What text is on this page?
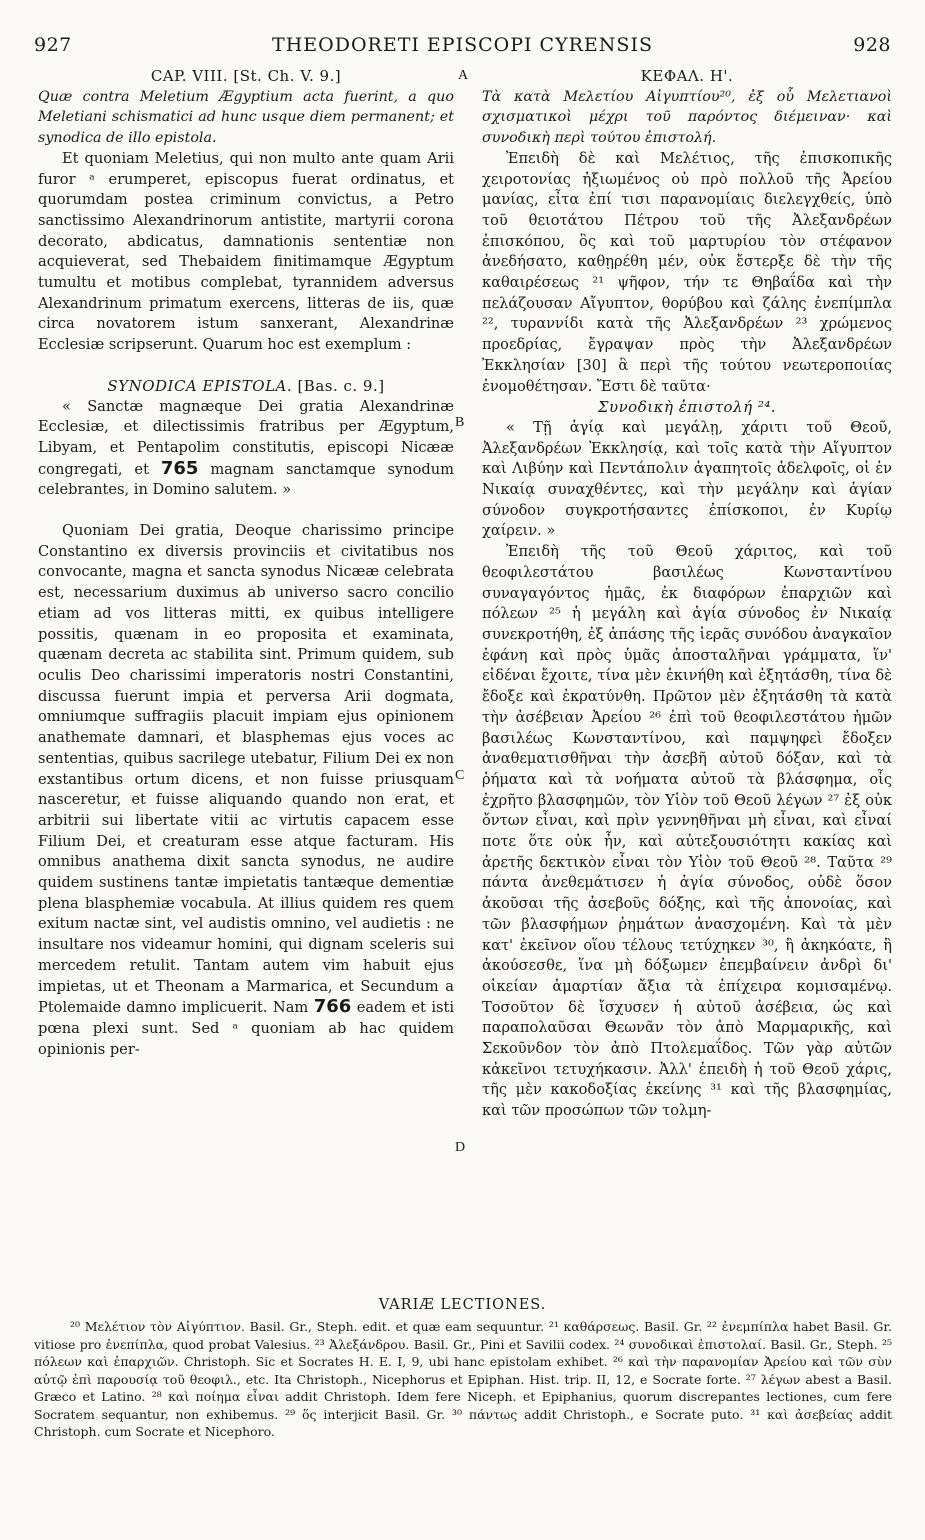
927	THEODORETI EPISCOPI CYRENSIS	928
A
B
C
D

CAP. VIII. [St. Ch. V. 9.]

Quæ contra Meletium Ægyptium acta fuerint, a quo Meletiani schismatici ad hunc usque diem permanent; et synodica de illo epistola.

Et quoniam Meletius, qui non multo ante quam Arii furor ᵃ erumperet, episcopus fuerat ordinatus, et quorumdam postea criminum convictus, a Petro sanctissimo Alexandrinorum antistite, martyrii corona decorato, abdicatus, damnationis sententiæ non acquieverat, sed Thebaidem finitimamque Ægyptum tumultu et motibus complebat, tyrannidem adversus Alexandrinum primatum exercens, litteras de iis, quæ circa novatorem istum sanxerant, Alexandrinæ Ecclesiæ scripserunt. Quarum hoc est exemplum :

SYNODICA EPISTOLA. [Bas. c. 9.]

« Sanctæ magnæque Dei gratia Alexandrinæ Ecclesiæ, et dilectissimis fratribus per Ægyptum, Libyam, et Pentapolim constitutis, episcopi Nicææ congregati, et 765 magnam sanctamque synodum celebrantes, in Domino salutem. »

Quoniam Dei gratia, Deoque charissimo principe Constantino ex diversis provinciis et civitatibus nos convocante, magna et sancta synodus Nicææ celebrata est, necessarium duximus ab universo sacro concilio etiam ad vos litteras mitti, ex quibus intelligere possitis, quænam in eo proposita et examinata, quænam decreta ac stabilita sint. Primum quidem, sub oculis Deo charissimi imperatoris nostri Constantini, discussa fuerunt impia et perversa Arii dogmata, omniumque suffragiis placuit impiam ejus opinionem anathemate damnari, et blasphemas ejus voces ac sententias, quibus sacrilege utebatur, Filium Dei ex non exstantibus ortum dicens, et non fuisse priusquam nasceretur, et fuisse aliquando quando non erat, et arbitrii sui libertate vitii ac virtutis capacem esse Filium Dei, et creaturam esse atque facturam. His omnibus anathema dixit sancta synodus, ne audire quidem sustinens tantæ impietatis tantæque dementiæ plena blasphemiæ vocabula. At illius quidem res quem exitum nactæ sint, vel audistis omnino, vel audietis : ne insultare nos videamur homini, qui dignam sceleris sui mercedem retulit. Tantam autem vim habuit ejus impietas, ut et Theonam a Marmarica, et Secundum a Ptolemaide damno implicuerit. Nam 766 eadem et isti pœna plexi sunt. Sed ᵃ quoniam ab hac quidem opinionis per-

ΚΕΦΑΛ. Η'.

Τὰ κατὰ Μελετίου Αἰγυπτίου²⁰, ἐξ οὗ Μελετιανοὶ σχισματικοὶ μέχρι τοῦ παρόντος διέμειναν· καὶ συνοδικὴ περὶ τούτου ἐπιστολή.

Ἐπειδὴ δὲ καὶ Μελέτιος, τῆς ἐπισκοπικῆς χειροτονίας ἠξιωμένος οὐ πρὸ πολλοῦ τῆς Ἀρείου μανίας, εἶτα ἐπί τισι παρανομίαις διελεγχθείς, ὑπὸ τοῦ θειοτάτου Πέτρου τοῦ τῆς Ἀλεξανδρέων ἐπισκόπου, ὃς καὶ τοῦ μαρτυρίου τὸν στέφανον ἀνεδήσατο, καθῃρέθη μέν, οὐκ ἔστερξε δὲ τὴν τῆς καθαιρέσεως ²¹ ψῆφον, τήν τε Θηβαΐδα καὶ τὴν πελάζουσαν Αἴγυπτον, θορύβου καὶ ζάλης ἐνεπίμπλα ²², τυραννίδι κατὰ τῆς Ἀλεξανδρέων ²³ χρώμενος προεδρίας, ἔγραψαν πρὸς τὴν Ἀλεξανδρέων Ἐκκλησίαν [30] ἃ περὶ τῆς τούτου νεωτεροποιίας ἐνομοθέτησαν. Ἔστι δὲ ταῦτα·

Συνοδικὴ ἐπιστολή ²⁴.

« Τῇ ἁγίᾳ καὶ μεγάλῃ, χάριτι τοῦ Θεοῦ, Ἀλεξανδρέων Ἐκκλησίᾳ, καὶ τοῖς κατὰ τὴν Αἴγυπτον καὶ Λιβύην καὶ Πεντάπολιν ἀγαπητοῖς ἀδελφοῖς, οἱ ἐν Νικαίᾳ συναχθέντες, καὶ τὴν μεγάλην καὶ ἁγίαν σύνοδον συγκροτήσαντες ἐπίσκοποι, ἐν Κυρίῳ χαίρειν. »

Ἐπειδὴ τῆς τοῦ Θεοῦ χάριτος, καὶ τοῦ θεοφιλεστάτου βασιλέως Κωνσταντίνου συναγαγόντος ἡμᾶς, ἐκ διαφόρων ἐπαρχιῶν καὶ πόλεων ²⁵ ἡ μεγάλη καὶ ἁγία σύνοδος ἐν Νικαίᾳ συνεκροτήθη, ἐξ ἁπάσης τῆς ἱερᾶς συνόδου ἀναγκαῖον ἐφάνη καὶ πρὸς ὑμᾶς ἀποσταλῆναι γράμματα, ἵν' εἰδέναι ἔχοιτε, τίνα μὲν ἐκινήθη καὶ ἐξητάσθη, τίνα δὲ ἔδοξε καὶ ἐκρατύνθη. Πρῶτον μὲν ἐξητάσθη τὰ κατὰ τὴν ἀσέβειαν Ἀρείου ²⁶ ἐπὶ τοῦ θεοφιλεστάτου ἡμῶν βασιλέως Κωνσταντίνου, καὶ παμψηφεὶ ἔδοξεν ἀναθεματισθῆναι τὴν ἀσεβῆ αὐτοῦ δόξαν, καὶ τὰ ῥήματα καὶ τὰ νοήματα αὐτοῦ τὰ βλάσφημα, οἷς ἐχρῆτο βλασφημῶν, τὸν Υἱὸν τοῦ Θεοῦ λέγων ²⁷ ἐξ οὐκ ὄντων εἶναι, καὶ πρὶν γεννηθῆναι μὴ εἶναι, καὶ εἶναί ποτε ὅτε οὐκ ἦν, καὶ αὐτεξουσιότητι κακίας καὶ ἀρετῆς δεκτικὸν εἶναι τὸν Υἱὸν τοῦ Θεοῦ ²⁸. Ταῦτα ²⁹ πάντα ἀνεθεμάτισεν ἡ ἁγία σύνοδος, οὐδὲ ὅσον ἀκοῦσαι τῆς ἀσεβοῦς δόξης, καὶ τῆς ἀπονοίας, καὶ τῶν βλασφήμων ῥημάτων ἀνασχομένη. Καὶ τὰ μὲν κατ' ἐκεῖνον οἵου τέλους τετύχηκεν ³⁰, ἢ ἀκηκόατε, ἢ ἀκούσεσθε, ἵνα μὴ δόξωμεν ἐπεμβαίνειν ἀνδρὶ δι' οἰκείαν ἁμαρτίαν ἄξια τὰ ἐπίχειρα κομισαμένῳ. Τοσοῦτον δὲ ἴσχυσεν ἡ αὐτοῦ ἀσέβεια, ὡς καὶ παραπολαῦσαι Θεωνᾶν τὸν ἀπὸ Μαρμαρικῆς, καὶ Σεκοῦνδον τὸν ἀπὸ Πτολεμαΐδος. Τῶν γὰρ αὐτῶν κἀκεῖνοι τετυχήκασιν. Ἀλλ' ἐπειδὴ ἡ τοῦ Θεοῦ χάρις, τῆς μὲν κακοδοξίας ἐκείνης ³¹ καὶ τῆς βλασφημίας, καὶ τῶν προσώπων τῶν τολμη-

VARIÆ LECTIONES.

²⁰ Μελέτιον τὸν Αἰγύπτιον. Basil. Gr., Steph. edit. et quæ eam sequuntur. ²¹ καθάρσεως. Basil. Gr. ²² ἐνεμπίπλα habet Basil. Gr. vitiose pro ἐνεπίπλα, quod probat Valesius. ²³ Ἀλεξάνδρου. Basil. Gr., Pini et Savilii codex. ²⁴ συνοδικαὶ ἐπιστολαί. Basil. Gr., Steph. ²⁵ πόλεων καὶ ἐπαρχιῶν. Christoph. Sic et Socrates H. E. I, 9, ubi hanc epistolam exhibet. ²⁶ καὶ τὴν παρανομίαν Ἀρείου καὶ τῶν σὺν αὐτῷ ἐπὶ παρουσίᾳ τοῦ θεοφιλ., etc. Ita Christoph., Nicephorus et Epiphan. Hist. trip. II, 12, e Socrate forte. ²⁷ λέγων abest a Basil. Græco et Latino. ²⁸ καὶ ποίημα εἶναι addit Christoph. Idem fere Niceph. et Epiphanius, quorum discrepantes lectiones, cum fere Socratem sequantur, non exhibemus. ²⁹ ὅς interjicit Basil. Gr. ³⁰ πάντως addit Christoph., e Socrate puto. ³¹ καὶ ἀσεβείας addit Christoph. cum Socrate et Nicephoro.
